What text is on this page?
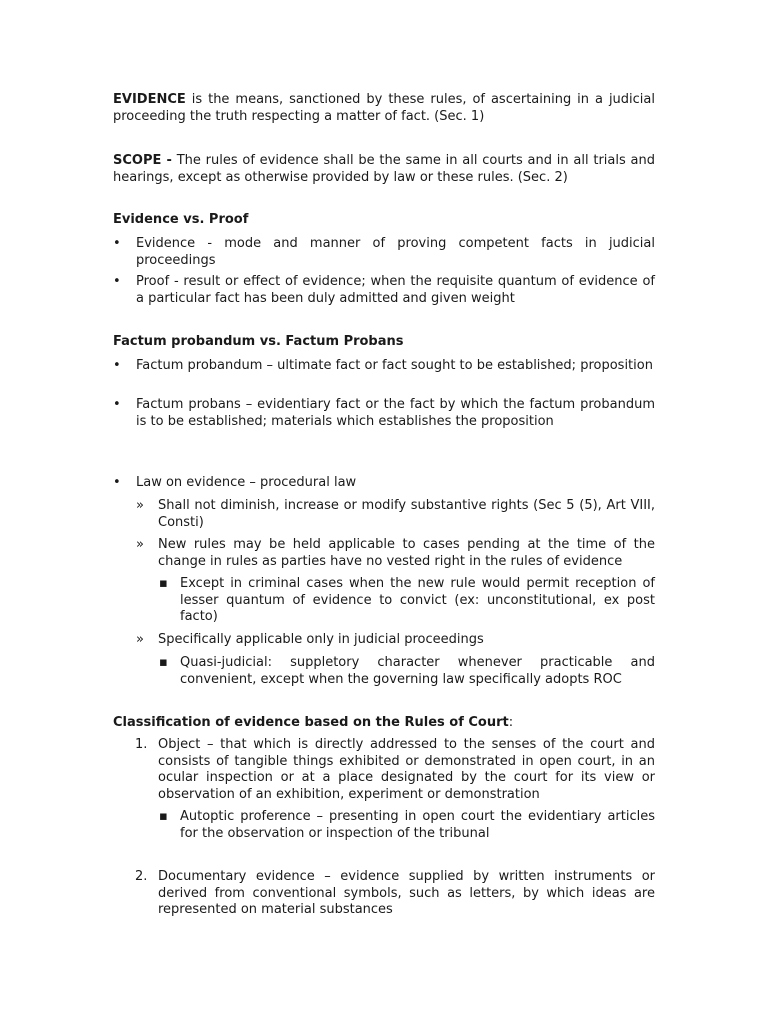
EVIDENCE is the means, sanctioned by these rules, of ascertaining in a judicial proceeding the truth respecting a matter of fact. (Sec. 1)

SCOPE - The rules of evidence shall be the same in all courts and in all trials and hearings, except as otherwise provided by law or these rules. (Sec. 2)

Evidence vs. Proof
• Evidence - mode and manner of proving competent facts in judicial proceedings
• Proof - result or effect of evidence; when the requisite quantum of evidence of a particular fact has been duly admitted and given weight
Factum probandum vs. Factum Probans
• Factum probandum – ultimate fact or fact sought to be established; proposition
• Factum probans – evidentiary fact or the fact by which the factum probandum is to be established; materials which establishes the proposition
• Law on evidence – procedural law
» Shall not diminish, increase or modify substantive rights (Sec 5 (5), Art VIII, Consti)
» New rules may be held applicable to cases pending at the time of the change in rules as parties have no vested right in the rules of evidence
▪ Except in criminal cases when the new rule would permit reception of lesser quantum of evidence to convict (ex: unconstitutional, ex post facto)
» Specifically applicable only in judicial proceedings
▪ Quasi-judicial: suppletory character whenever practicable and convenient, except when the governing law specifically adopts ROC
Classification of evidence based on the Rules of Court:
1. Object – that which is directly addressed to the senses of the court and consists of tangible things exhibited or demonstrated in open court, in an ocular inspection or at a place designated by the court for its view or observation of an exhibition, experiment or demonstration
▪ Autoptic proference – presenting in open court the evidentiary articles for the observation or inspection of the tribunal
2. Documentary evidence – evidence supplied by written instruments or derived from conventional symbols, such as letters, by which ideas are represented on material substances
